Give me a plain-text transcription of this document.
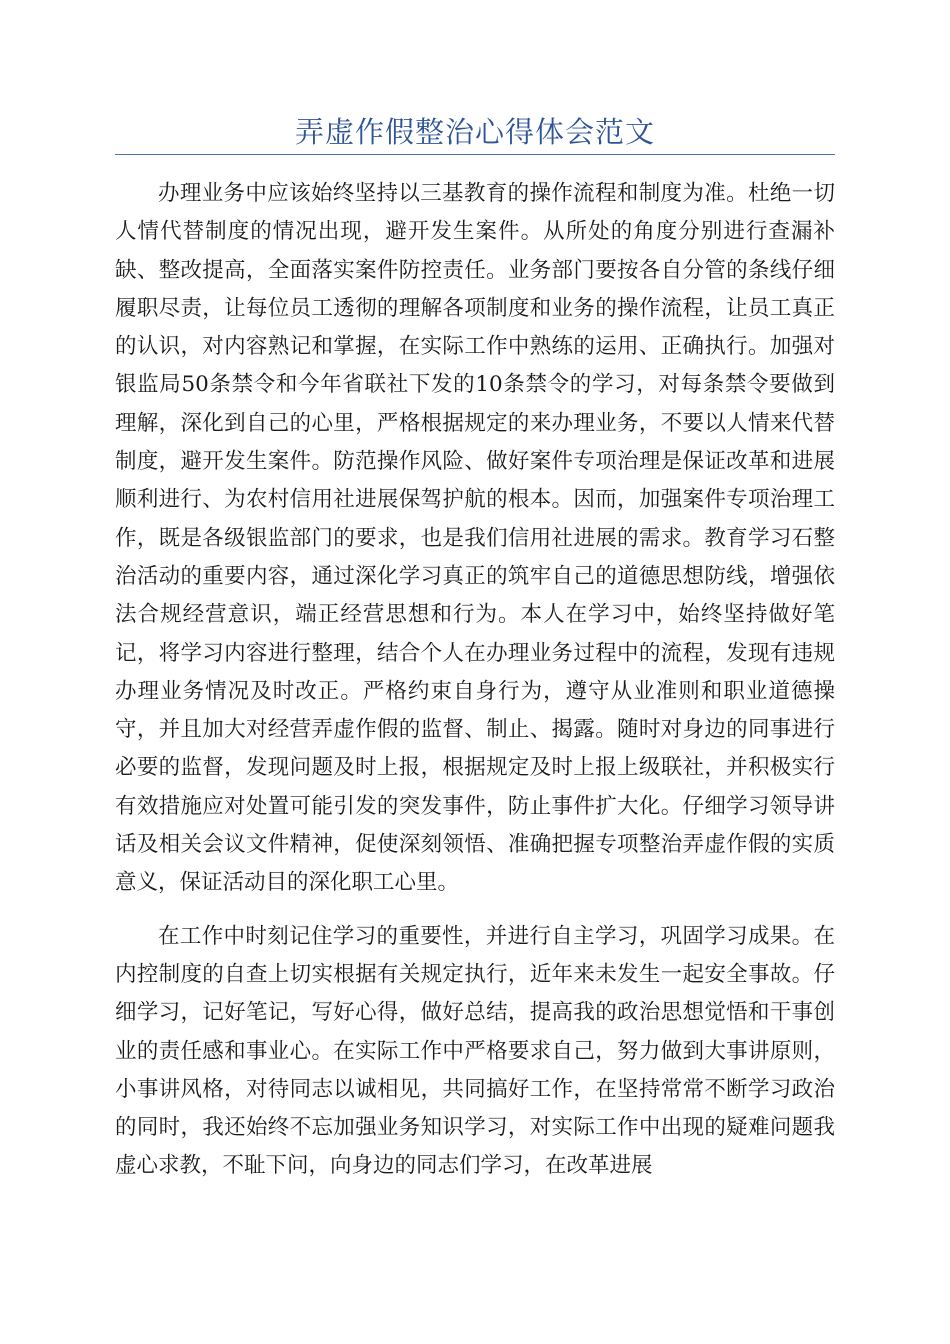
弄虚作假整治心得体会范文

办理业务中应该始终坚持以三基教育的操作流程和制度为准。杜绝一切人情代替制度的情况出现，避开发生案件。从所处的角度分别进行查漏补缺、整改提高，全面落实案件防控责任。业务部门要按各自分管的条线仔细履职尽责，让每位员工透彻的理解各项制度和业务的操作流程，让员工真正的认识，对内容熟记和掌握，在实际工作中熟练的运用、正确执行。加强对银监局50条禁令和今年省联社下发的10条禁令的学习，对每条禁令要做到理解，深化到自己的心里，严格根据规定的来办理业务，不要以人情来代替制度，避开发生案件。防范操作风险、做好案件专项治理是保证改革和进展顺利进行、为农村信用社进展保驾护航的根本。因而，加强案件专项治理工作，既是各级银监部门的要求，也是我们信用社进展的需求。教育学习石整治活动的重要内容，通过深化学习真正的筑牢自己的道德思想防线，增强依法合规经营意识，端正经营思想和行为。本人在学习中，始终坚持做好笔记，将学习内容进行整理，结合个人在办理业务过程中的流程，发现有违规办理业务情况及时改正。严格约束自身行为，遵守从业准则和职业道德操守，并且加大对经营弄虚作假的监督、制止、揭露。随时对身边的同事进行必要的监督，发现问题及时上报，根据规定及时上报上级联社，并积极实行有效措施应对处置可能引发的突发事件，防止事件扩大化。仔细学习领导讲话及相关会议文件精神，促使深刻领悟、准确把握专项整治弄虚作假的实质意义，保证活动目的深化职工心里。

在工作中时刻记住学习的重要性，并进行自主学习，巩固学习成果。在内控制度的自查上切实根据有关规定执行，近年来未发生一起安全事故。仔细学习，记好笔记，写好心得，做好总结，提高我的政治思想觉悟和干事创业的责任感和事业心。在实际工作中严格要求自己，努力做到大事讲原则，小事讲风格，对待同志以诚相见，共同搞好工作，在坚持常常不断学习政治的同时，我还始终不忘加强业务知识学习，对实际工作中出现的疑难问题我虚心求教，不耻下问，向身边的同志们学习，在改革进展
